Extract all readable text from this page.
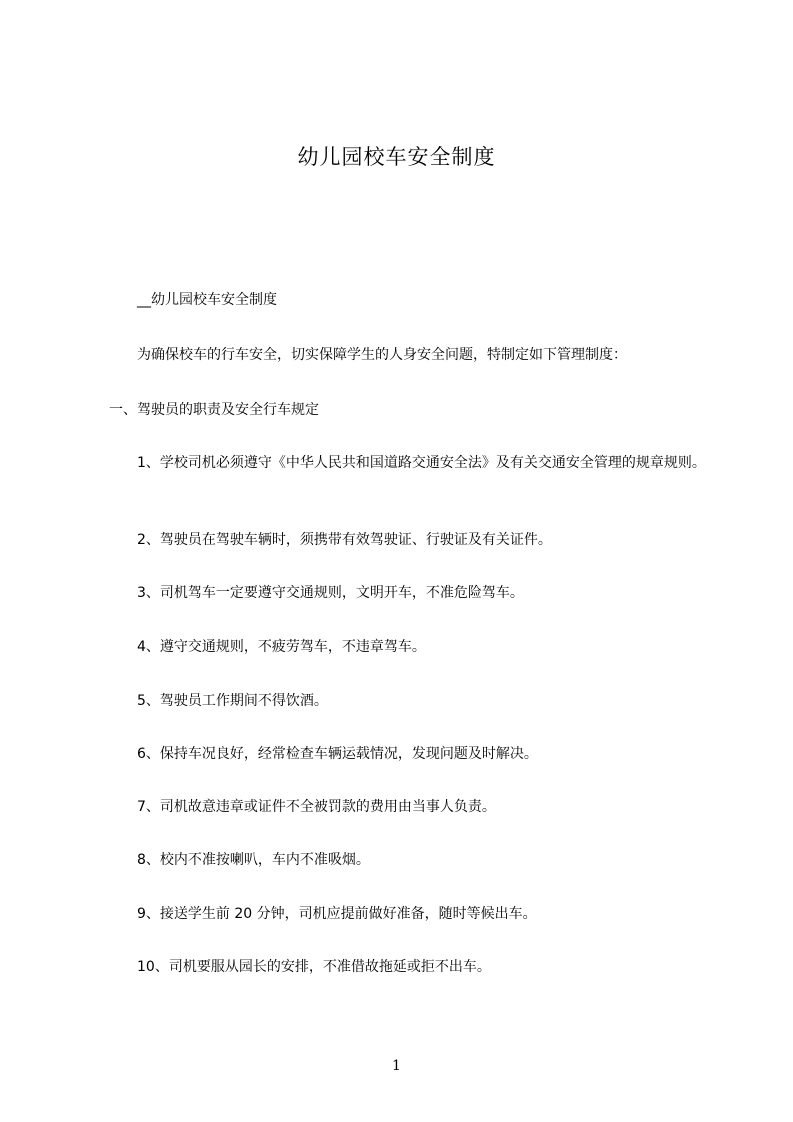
幼儿园校车安全制度

__幼儿园校车安全制度

为确保校车的行车安全，切实保障学生的人身安全问题，特制定如下管理制度：

一、驾驶员的职责及安全行车规定

1、学校司机必须遵守《中华人民共和国道路交通安全法》及有关交通安全管理的规章规则。

2、驾驶员在驾驶车辆时，须携带有效驾驶证、行驶证及有关证件。

3、司机驾车一定要遵守交通规则，文明开车，不准危险驾车。

4、遵守交通规则，不疲劳驾车，不违章驾车。

5、驾驶员工作期间不得饮酒。

6、保持车况良好，经常检查车辆运载情况，发现问题及时解决。

7、司机故意违章或证件不全被罚款的费用由当事人负责。

8、校内不准按喇叭，车内不准吸烟。

9、接送学生前 20 分钟，司机应提前做好准备，随时等候出车。

10、司机要服从园长的安排，不准借故拖延或拒不出车。

1
